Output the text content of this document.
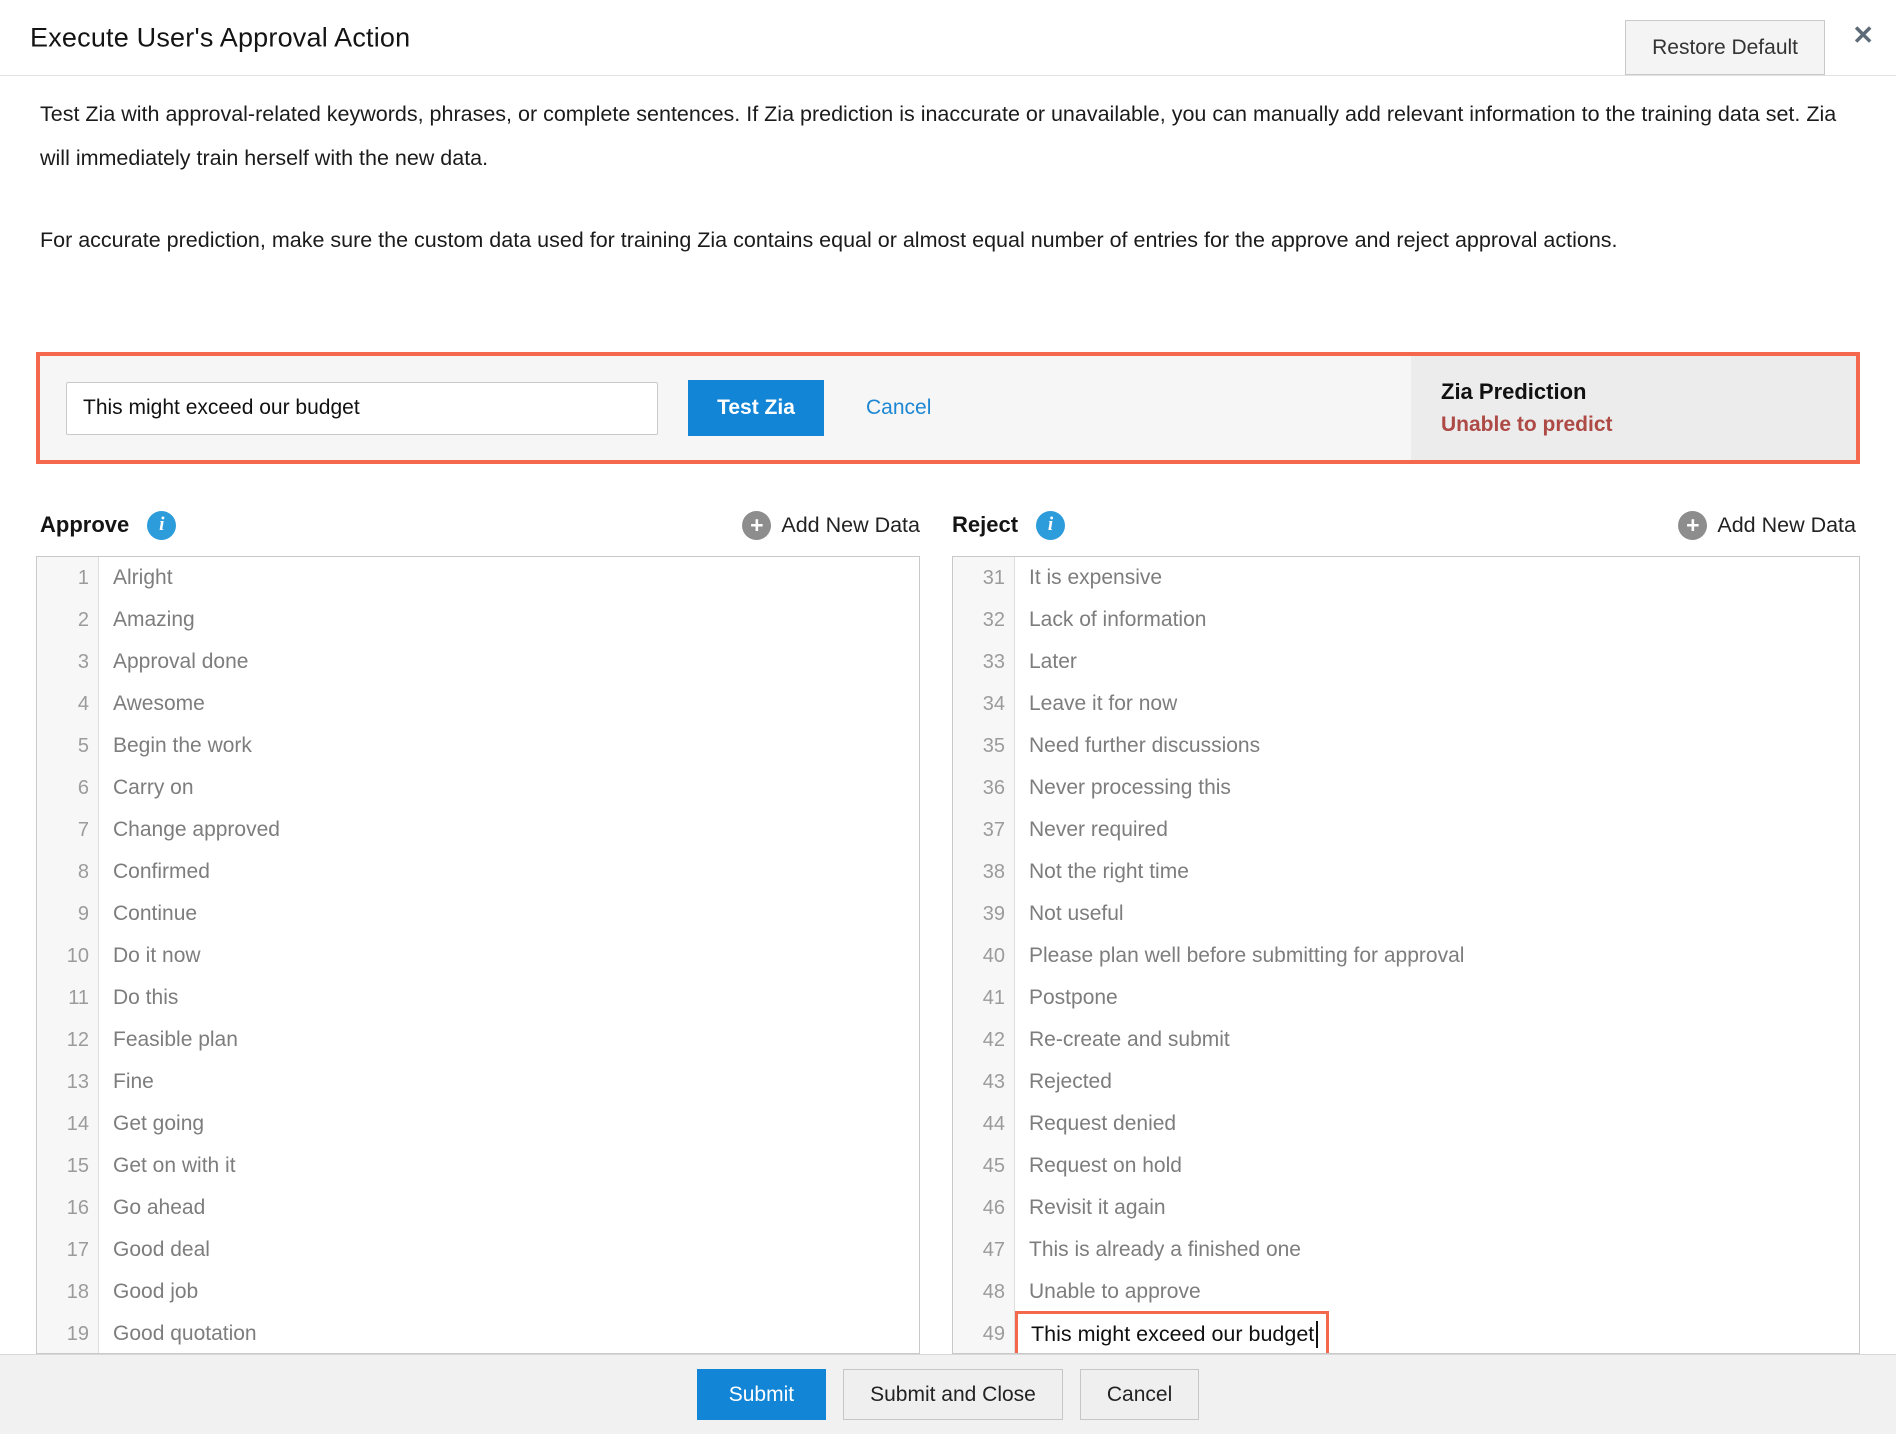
Execute User's Approval Action	Restore Default	✕

Test Zia with approval-related keywords, phrases, or complete sentences. If Zia prediction is inaccurate or unavailable, you can manually add relevant information to the training data set. Zia will immediately train herself with the new data.

For accurate prediction, make sure the custom data used for training Zia contains equal or almost equal number of entries for the approve and reject approval actions.

This might exceed our budget
Test Zia	Cancel
Zia Prediction
Unable to predict
Approve	i	+ Add New Data Reject	i	+ Add New Data
1	Alright
2	Amazing
3	Approval done
4	Awesome
5	Begin the work
6	Carry on
7	Change approved
8	Confirmed
9	Continue
10	Do it now
11	Do this
12	Feasible plan
13	Fine
14	Get going
15	Get on with it
16	Go ahead
17	Good deal
18	Good job
19	Good quotation
31	It is expensive
32	Lack of information
33	Later
34	Leave it for now
35	Need further discussions
36	Never processing this
37	Never required
38	Not the right time
39	Not useful
40	Please plan well before submitting for approval
41	Postpone
42	Re-create and submit
43	Rejected
44	Request denied
45	Request on hold
46	Revisit it again
47	This is already a finished one
48	Unable to approve
49	This might exceed our budget
Submit	Submit and Close	Cancel
